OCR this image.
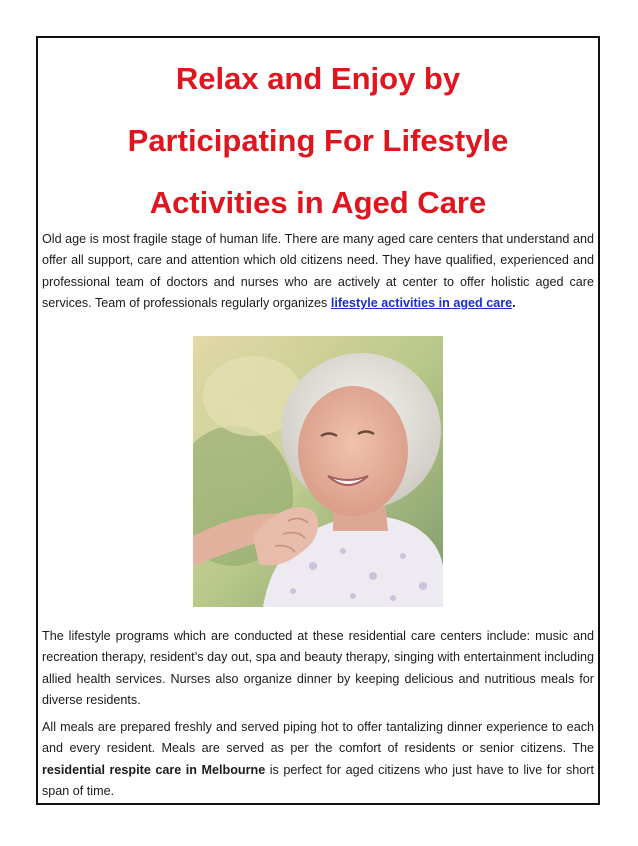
Relax and Enjoy by
Participating For Lifestyle
Activities in Aged Care

Old age is most fragile stage of human life. There are many aged care centers that understand and offer all support, care and attention which old citizens need. They have qualified, experienced and professional team of doctors and nurses who are actively at center to offer holistic aged care services. Team of professionals regularly organizes lifestyle activities in aged care.

The lifestyle programs which are conducted at these residential care centers include: music and recreation therapy, resident’s day out, spa and beauty therapy, singing with entertainment including allied health services. Nurses also organize dinner by keeping delicious and nutritious meals for diverse residents.

All meals are prepared freshly and served piping hot to offer tantalizing dinner experience to each and every resident. Meals are served as per the comfort of residents or senior citizens. The residential respite care in Melbourne is perfect for aged citizens who just have to live for short span of time.
